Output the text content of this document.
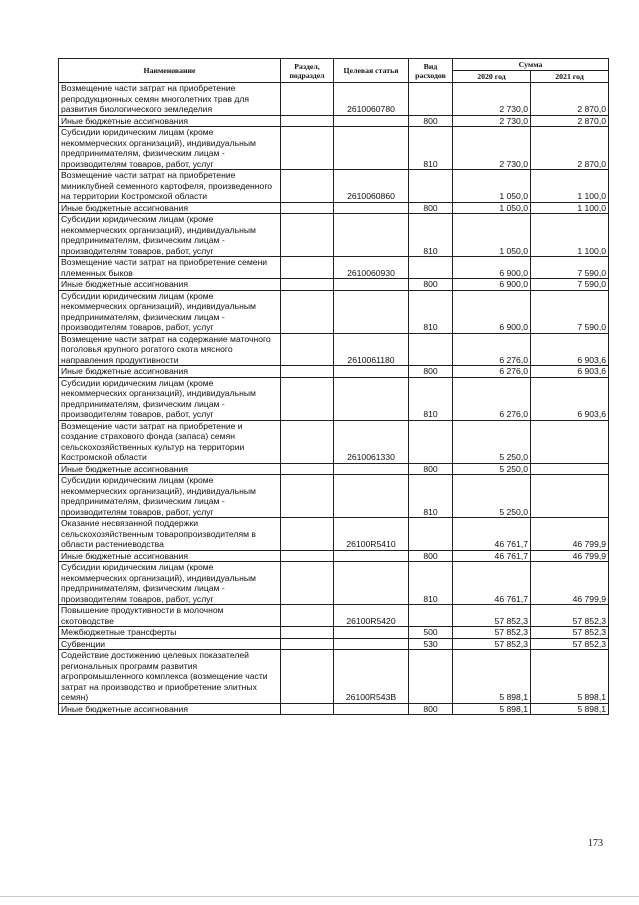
Наименование	Раздел, подраздел	Целевая статья	Вид расходов	Сумма	
				2020 год	2021 год
Возмещение части затрат на приобретение репродукционных семян многолетних трав для развития биологического земледелия		2610060780		2 730,0	2 870,0
Иные бюджетные ассигнования			800	2 730,0	2 870,0
Субсидии юридическим лицам (кроме некоммерческих организаций), индивидуальным предпринимателям, физическим лицам - производителям товаров, работ, услуг			810	2 730,0	2 870,0
Возмещение части затрат на приобретение миниклубней семенного картофеля, произведенного на территории Костромской области		2610060860		1 050,0	1 100,0
Иные бюджетные ассигнования			800	1 050,0	1 100,0
Субсидии юридическим лицам (кроме некоммерческих организаций), индивидуальным предпринимателям, физическим лицам - производителям товаров, работ, услуг			810	1 050,0	1 100,0
Возмещение части затрат на приобретение семени племенных быков		2610060930		6 900,0	7 590,0
Иные бюджетные ассигнования			800	6 900,0	7 590,0
Субсидии юридическим лицам (кроме некоммерческих организаций), индивидуальным предпринимателям, физическим лицам - производителям товаров, работ, услуг			810	6 900,0	7 590,0
Возмещение части затрат на содержание маточного поголовья крупного рогатого скота мясного направления продуктивности		2610061180		6 276,0	6 903,6
Иные бюджетные ассигнования			800	6 276,0	6 903,6
Субсидии юридическим лицам (кроме некоммерческих организаций), индивидуальным предпринимателям, физическим лицам - производителям товаров, работ, услуг			810	6 276,0	6 903,6
Возмещение части затрат на приобретение и создание страхового фонда (запаса) семян сельскохозяйственных культур на территории Костромской области		2610061330		5 250,0	
Иные бюджетные ассигнования			800	5 250,0	
Субсидии юридическим лицам (кроме некоммерческих организаций), индивидуальным предпринимателям, физическим лицам - производителям товаров, работ, услуг			810	5 250,0	
Оказание несвязанной поддержки сельскохозяйственным товаропроизводителям в области растениеводства		26100R5410		46 761,7	46 799,9
Иные бюджетные ассигнования			800	46 761,7	46 799,9
Субсидии юридическим лицам (кроме некоммерческих организаций), индивидуальным предпринимателям, физическим лицам - производителям товаров, работ, услуг			810	46 761,7	46 799,9
Повышение продуктивности в молочном скотоводстве		26100R5420		57 852,3	57 852,3
Межбюджетные трансферты			500	57 852,3	57 852,3
Субвенции			530	57 852,3	57 852,3
Содействие достижению целевых показателей региональных программ развития агропромышленного комплекса (возмещение части затрат на производство и приобретение элитных семян)		26100R543B		5 898,1	5 898,1
Иные бюджетные ассигнования			800	5 898,1	5 898,1
173
